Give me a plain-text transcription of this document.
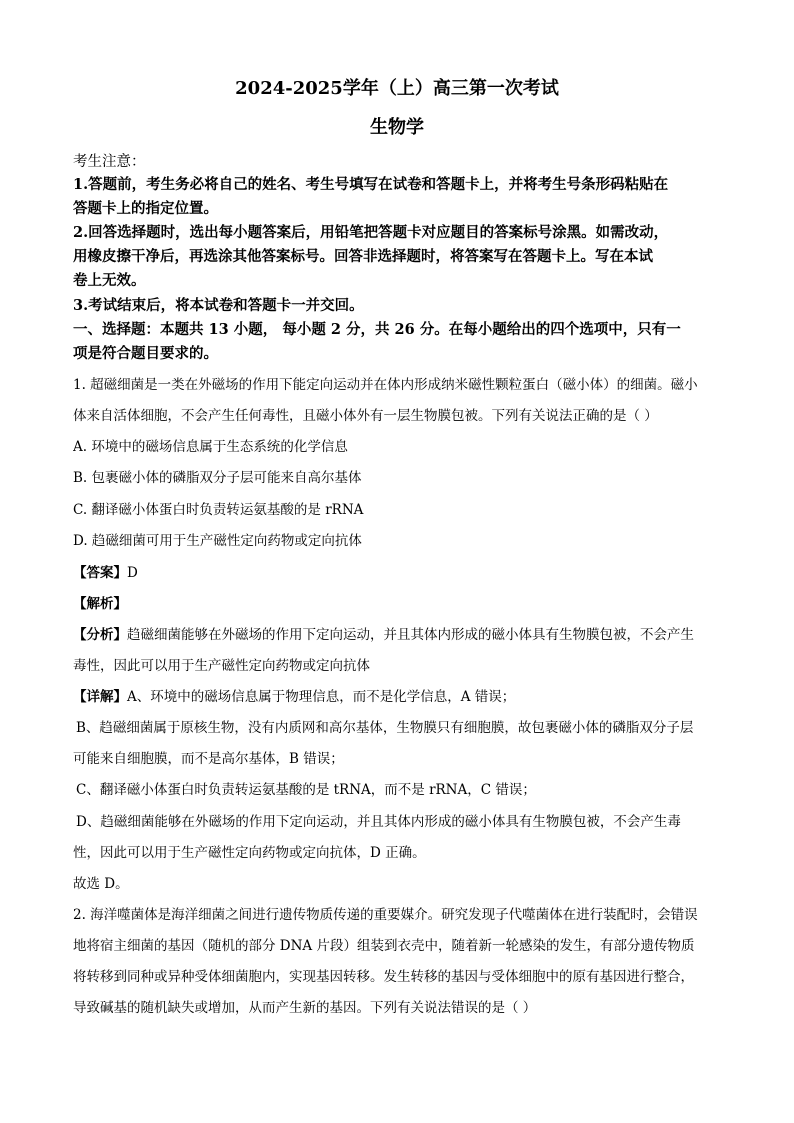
2024-2025学年（上）高三第一次考试
生物学
考生注意：
1.答题前，考生务必将自己的姓名、考生号填写在试卷和答题卡上，并将考生号条形码粘贴在
答题卡上的指定位置。
2.回答选择题时，选出每小题答案后，用铅笔把答题卡对应题目的答案标号涂黑。如需改动，
用橡皮擦干净后，再选涂其他答案标号。回答非选择题时，将答案写在答题卡上。写在本试
卷上无效。
3.考试结束后，将本试卷和答题卡一并交回。
一、选择题：本题共 13 小题， 每小题 2 分，共 26 分。在每小题给出的四个选项中，只有一
项是符合题目要求的。
1. 超磁细菌是一类在外磁场的作用下能定向运动并在体内形成纳米磁性颗粒蛋白（磁小体）的细菌。磁小
体来自活体细胞，不会产生任何毒性，且磁小体外有一层生物膜包被。下列有关说法正确的是（ ）
A. 环境中的磁场信息属于生态系统的化学信息
B. 包裹磁小体的磷脂双分子层可能来自高尔基体
C. 翻译磁小体蛋白时负责转运氨基酸的是 rRNA
D. 趋磁细菌可用于生产磁性定向药物或定向抗体
【答案】D
【解析】
【分析】趋磁细菌能够在外磁场的作用下定向运动，并且其体内形成的磁小体具有生物膜包被，不会产生
毒性，因此可以用于生产磁性定向药物或定向抗体
【详解】A、环境中的磁场信息属于物理信息，而不是化学信息，A 错误；
B、趋磁细菌属于原核生物，没有内质网和高尔基体，生物膜只有细胞膜，故包裹磁小体的磷脂双分子层
可能来自细胞膜，而不是高尔基体，B 错误；
C、翻译磁小体蛋白时负责转运氨基酸的是 tRNA，而不是 rRNA，C 错误；
D、趋磁细菌能够在外磁场的作用下定向运动，并且其体内形成的磁小体具有生物膜包被，不会产生毒
性，因此可以用于生产磁性定向药物或定向抗体，D 正确。
故选 D。
2. 海洋噬菌体是海洋细菌之间进行遗传物质传递的重要媒介。研究发现子代噬菌体在进行装配时，会错误
地将宿主细菌的基因（随机的部分 DNA 片段）组装到衣壳中，随着新一轮感染的发生，有部分遗传物质
将转移到同种或异种受体细菌胞内，实现基因转移。发生转移的基因与受体细胞中的原有基因进行整合，
导致碱基的随机缺失或增加，从而产生新的基因。下列有关说法错误的是（ ）
